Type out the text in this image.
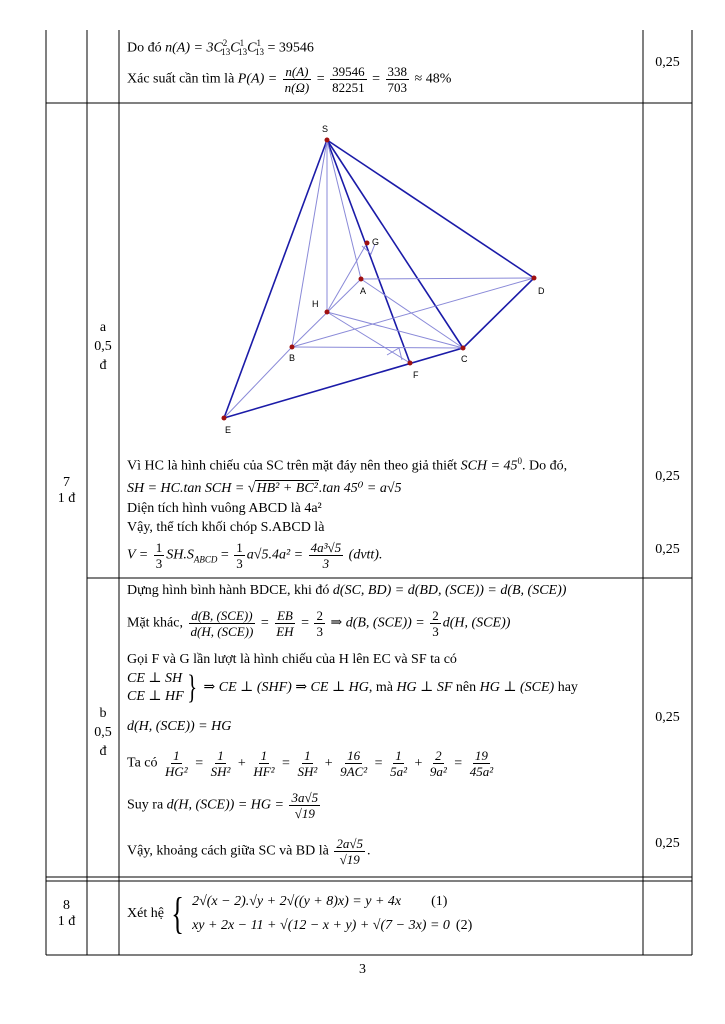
Do đó $n(A) = 3C^2_{13}C^1_{13}C^1_{13} = 39546$
Xác suất cần tìm là $P(A) = \frac{n(A)}{n(\Omega)} = \frac{39546}{82251} = \frac{338}{703} \approx 48\%$
0,25
7
1 đ
a
0,5
đ
b
0,5
đ
S
G
A	D
H
B	C
F
E
Vì HC là hình chiếu của SC trên mặt đáy nên theo giả thiết SCH = $45^0$. Do đó,
SH = HC.tan SCH = √HB² + BC².tan 45⁰ = a√5
Diện tích hình vuông ABCD là 4a²
Vậy, thể tích khối chóp S.ABCD là
$V = \frac{1}{3} SH.S_{ABCD} = \frac{1}{3} a√5.4a^2 = \frac{\text{4a³√5}}{3}$ (dvtt).
0,25
0,25
Dựng hình bình hành BDCE, khi đó d(SC, BD) = d(BD, (SCE)) = d(B, (SCE))
Mặt khác, $\frac{\text{d(B, (SCE))}}{\text{d(H, (SCE))}} = \frac{EB}{EH} = \frac{2}{3}$ ⇒ d(B, $(SCE)) = \frac{2}{3} d(H$, (SCE))
Gọi F và G lần lượt là hình chiếu của H lên EC và SF ta có
CE ⊥ SH
CE ⊥ HF } ⇒ CE ⊥ (SHF) ⇒ CE ⊥ HG, mà HG ⊥ SF nên HG ⊥ (SCE) hay
d(H, (SCE)) = HG
Ta có $\frac{1}{\text{HG²}} = \frac{1}{\text{SH²}} + \frac{1}{\text{HF²}} = \frac{1}{\text{SH²}} + \frac{16}{\text{9AC²}} = \frac{1}{\text{5a²}} + \frac{2}{\text{9a²}} = \frac{19}{\text{45a²}}$
Suy ra d(H, (SCE)) = HG = $\frac{3a√5}{√19}$
Vậy, khoảng cách giữa SC và BD là $\frac{2a√5}{√19}$ .
0,25
0,25
8
1 đ
Xét hệ { 2√(x − 2).√y + 2√((y + 8)x) = y + 4x (1)
xy + 2x − 11 + √(12 − x + y) + √(7 − 3x) = 0 (2)
3
